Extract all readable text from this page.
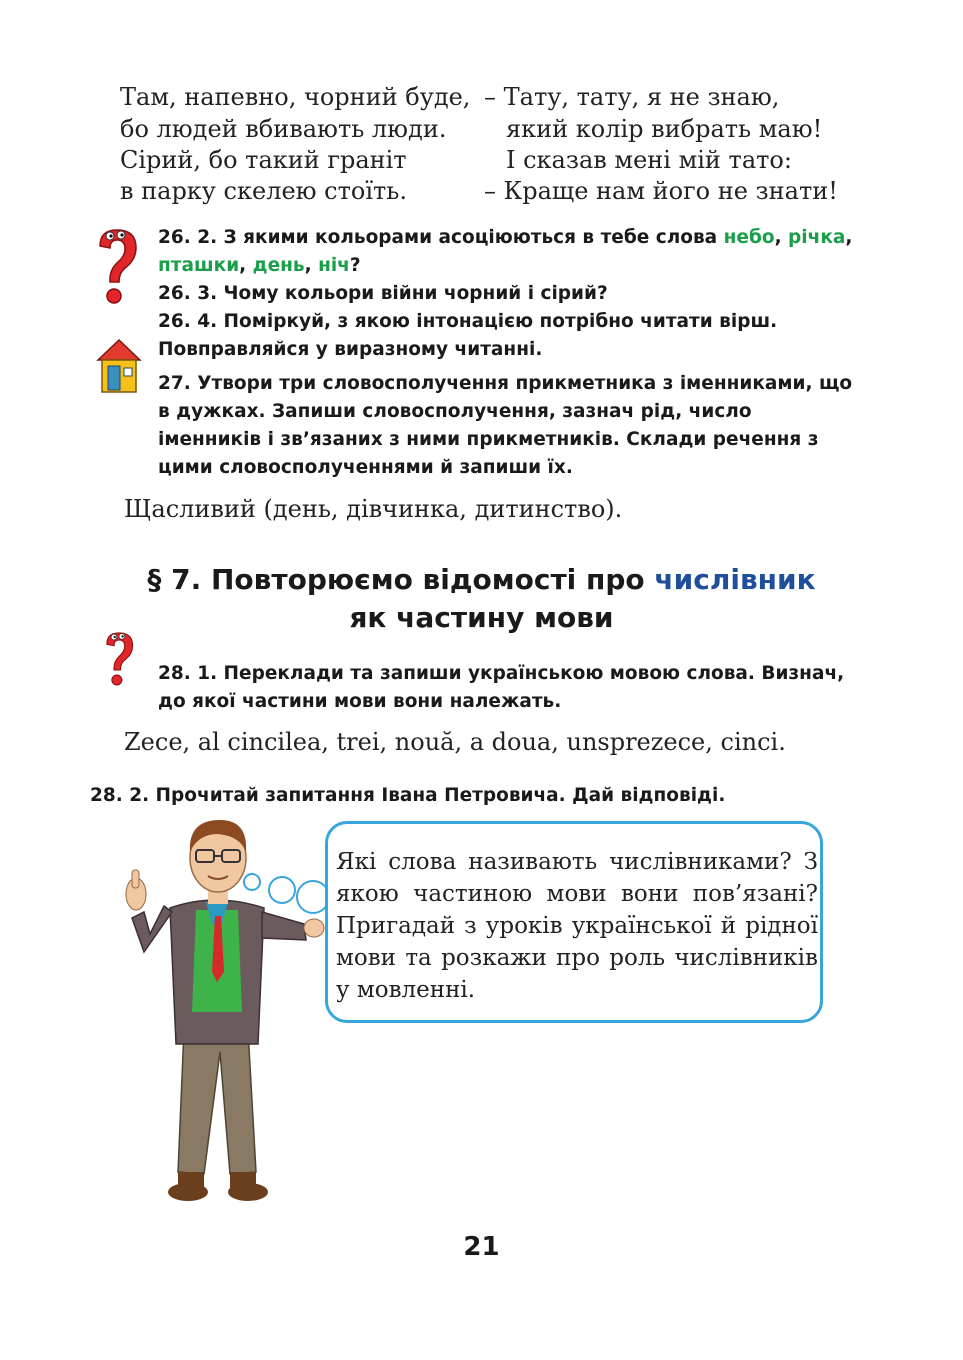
Там, напевно, чорний буде,
бо людей вбивають люди.
Сірий, бо такий граніт
в парку скелею стоїть.
– Тату, тату, я не знаю,
який колір вибрать маю!
І сказав мені мій тато:
– Краще нам його не знати!
26. 2. З якими кольорами асоціюються в тебе слова небо, річка, пташки, день, ніч?
26. 3. Чому кольори війни чорний і сірий?
26. 4. Поміркуй, з якою інтонацією потрібно читати вірш. Повправляйся у виразному читанні.
27. Утвори три словосполучення прикметника з іменниками, що в дужках. Запиши словосполучення, зазнач рід, число іменників і зв’язаних з ними прикметників. Склади речення з цими словосполученнями й запиши їх.
Щасливий (день, дівчинка, дитинство).
§ 7. Повторюємо відомості про числівник
як частину мови
28. 1. Переклади та запиши українською мовою слова. Визнач, до якої частини мови вони належать.
Zece, al cincilea, trei, nouă, a doua, unsprezece, cinci.
28. 2. Прочитай запитання Івана Петровича. Дай відповіді.
Які слова називають числівниками? З якою частиною мови вони пов’язані? Пригадай з уроків української й рідної мови та розкажи про роль числівників у мовленні.
21
